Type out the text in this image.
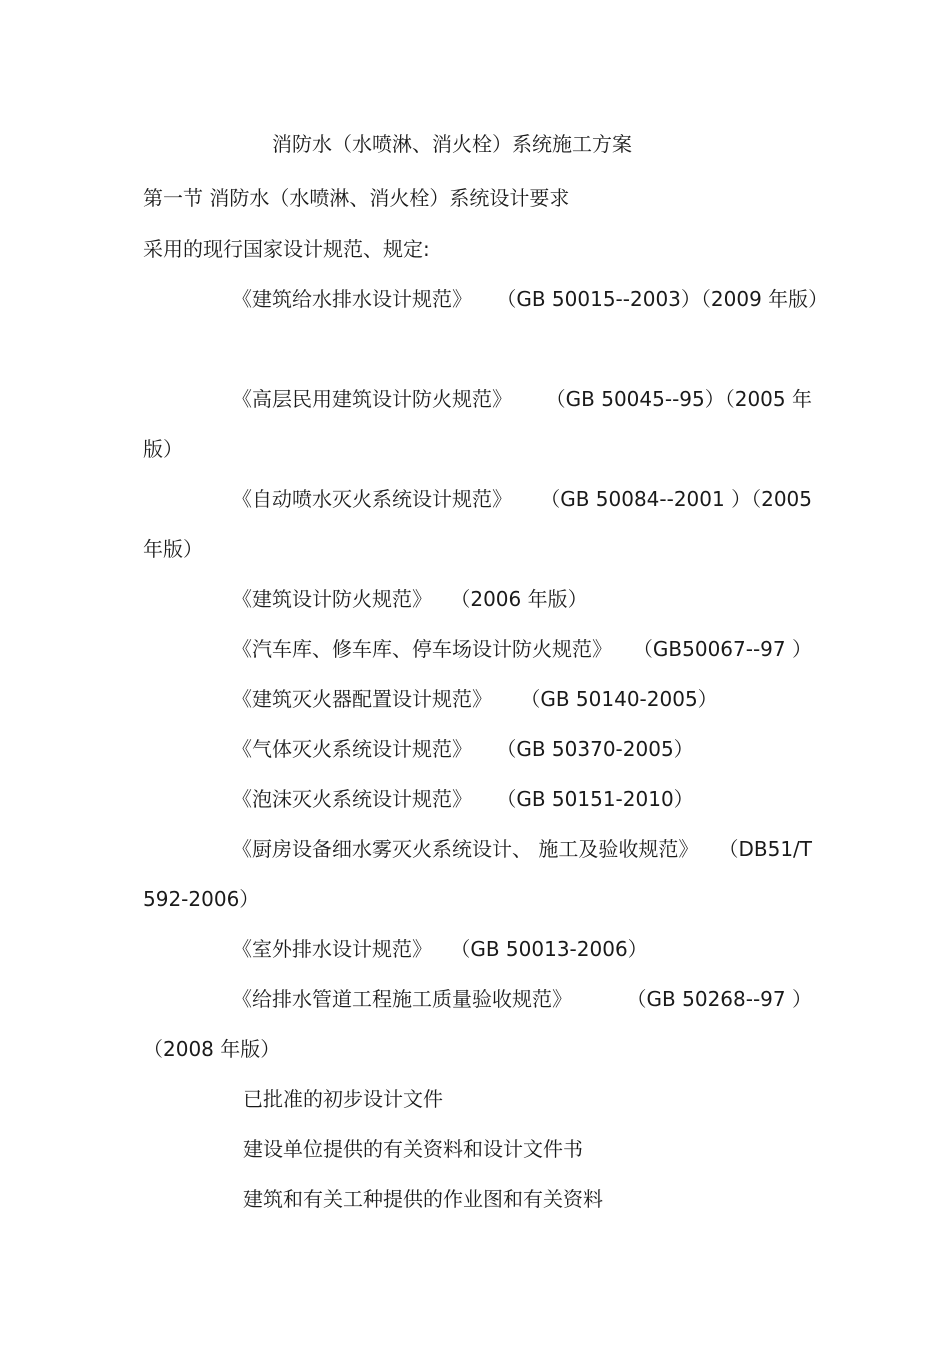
消防水（水喷淋、消火栓）系统施工方案
第一节 消防水（水喷淋、消火栓）系统设计要求
采用的现行国家设计规范、规定:
《建筑给水排水设计规范》 （GB 50015--2003）（2009 年版）
《高层民用建筑设计防火规范》 （GB 50045--95）（2005 年
版）
《自动喷水灭火系统设计规范》 （GB 50084--2001 ）（2005
年版）
《建筑设计防火规范》 （2006 年版）
《汽车库、修车库、停车场设计防火规范》 （GB50067--97 ）
《建筑灭火器配置设计规范》 （GB 50140-2005）
《气体灭火系统设计规范》 （GB 50370-2005）
《泡沫灭火系统设计规范》 （GB 50151-2010）
《厨房设备细水雾灭火系统设计、 施工及验收规范》 （DB51/T
592-2006）
《室外排水设计规范》 （GB 50013-2006）
《给排水管道工程施工质量验收规范》	（GB 50268--97 ）
（2008 年版）
已批准的初步设计文件
建设单位提供的有关资料和设计文件书
建筑和有关工种提供的作业图和有关资料
